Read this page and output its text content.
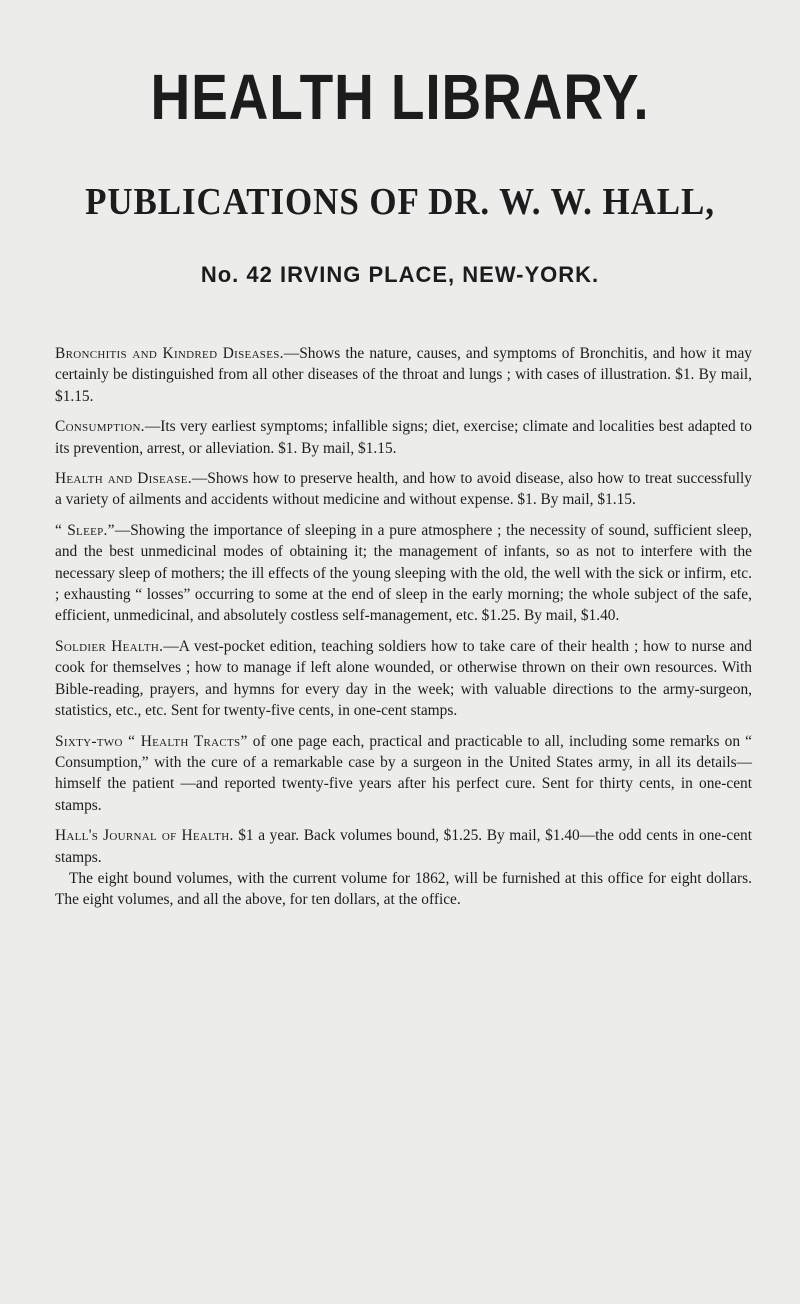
HEALTH LIBRARY.
PUBLICATIONS OF DR. W. W. HALL,
No. 42 IRVING PLACE, NEW-YORK.

Bronchitis and Kindred Diseases.—Shows the nature, causes, and symptoms of Bronchitis, and how it may certainly be distinguished from all other diseases of the throat and lungs ; with cases of illustration. $1. By mail, $1.15.

Consumption.—Its very earliest symptoms; infallible signs; diet, exercise; climate and localities best adapted to its prevention, arrest, or alleviation. $1. By mail, $1.15.

Health and Disease.—Shows how to preserve health, and how to avoid disease, also how to treat successfully a variety of ailments and accidents without medicine and without expense. $1. By mail, $1.15.

“ Sleep.”—Showing the importance of sleeping in a pure atmosphere ; the necessity of sound, sufficient sleep, and the best unmedicinal modes of obtaining it; the management of infants, so as not to interfere with the necessary sleep of mothers; the ill effects of the young sleeping with the old, the well with the sick or infirm, etc. ; exhausting “ losses” occurring to some at the end of sleep in the early morning; the whole subject of the safe, efficient, unmedicinal, and absolutely costless self-management, etc. $1.25. By mail, $1.40.

Soldier Health.—A vest-pocket edition, teaching soldiers how to take care of their health ; how to nurse and cook for themselves ; how to manage if left alone wounded, or otherwise thrown on their own resources. With Bible-reading, prayers, and hymns for every day in the week; with valuable directions to the army-surgeon, statistics, etc., etc. Sent for twenty-five cents, in one-cent stamps.

Sixty-two “ Health Tracts” of one page each, practical and practicable to all, including some remarks on “ Consumption,” with the cure of a remarkable case by a surgeon in the United States army, in all its details—himself the patient —and reported twenty-five years after his perfect cure. Sent for thirty cents, in one-cent stamps.

Hall's Journal of Health. $1 a year. Back volumes bound, $1.25. By mail, $1.40—the odd cents in one-cent stamps.

The eight bound volumes, with the current volume for 1862, will be furnished at this office for eight dollars. The eight volumes, and all the above, for ten dollars, at the office.
